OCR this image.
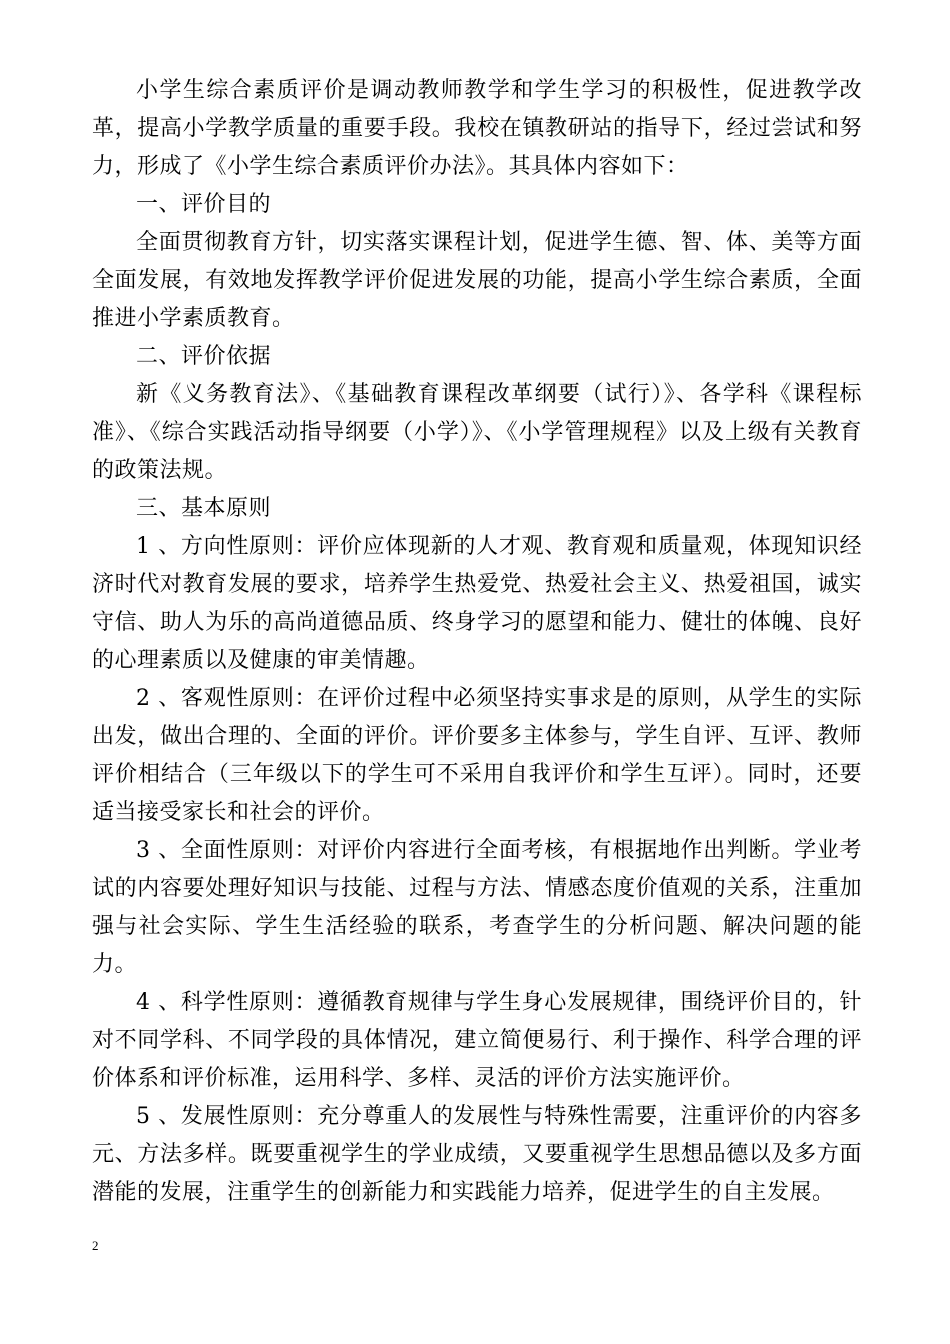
小学生综合素质评价是调动教师教学和学生学习的积极性，促进教学改革，提高小学教学质量的重要手段。我校在镇教研站的指导下，经过尝试和努力，形成了《小学生综合素质评价办法》。其具体内容如下：

一、评价目的

全面贯彻教育方针，切实落实课程计划，促进学生德、智、体、美等方面全面发展，有效地发挥教学评价促进发展的功能，提高小学生综合素质，全面推进小学素质教育。

二、评价依据

新《义务教育法》、《基础教育课程改革纲要（试行）》、各学科《课程标准》、《综合实践活动指导纲要（小学）》、《小学管理规程》以及上级有关教育的政策法规。

三、基本原则

1 、方向性原则：评价应体现新的人才观、教育观和质量观，体现知识经济时代对教育发展的要求，培养学生热爱党、热爱社会主义、热爱祖国，诚实守信、助人为乐的高尚道德品质、终身学习的愿望和能力、健壮的体魄、良好的心理素质以及健康的审美情趣。

2 、客观性原则：在评价过程中必须坚持实事求是的原则，从学生的实际出发，做出合理的、全面的评价。评价要多主体参与，学生自评、互评、教师评价相结合（三年级以下的学生可不采用自我评价和学生互评）。同时，还要适当接受家长和社会的评价。

3 、全面性原则：对评价内容进行全面考核，有根据地作出判断。学业考试的内容要处理好知识与技能、过程与方法、情感态度价值观的关系，注重加强与社会实际、学生生活经验的联系，考查学生的分析问题、解决问题的能力。

4 、科学性原则：遵循教育规律与学生身心发展规律，围绕评价目的，针对不同学科、不同学段的具体情况，建立简便易行、利于操作、科学合理的评价体系和评价标准，运用科学、多样、灵活的评价方法实施评价。

5 、发展性原则：充分尊重人的发展性与特殊性需要，注重评价的内容多元、方法多样。既要重视学生的学业成绩，又要重视学生思想品德以及多方面潜能的发展，注重学生的创新能力和实践能力培养，促进学生的自主发展。

2
